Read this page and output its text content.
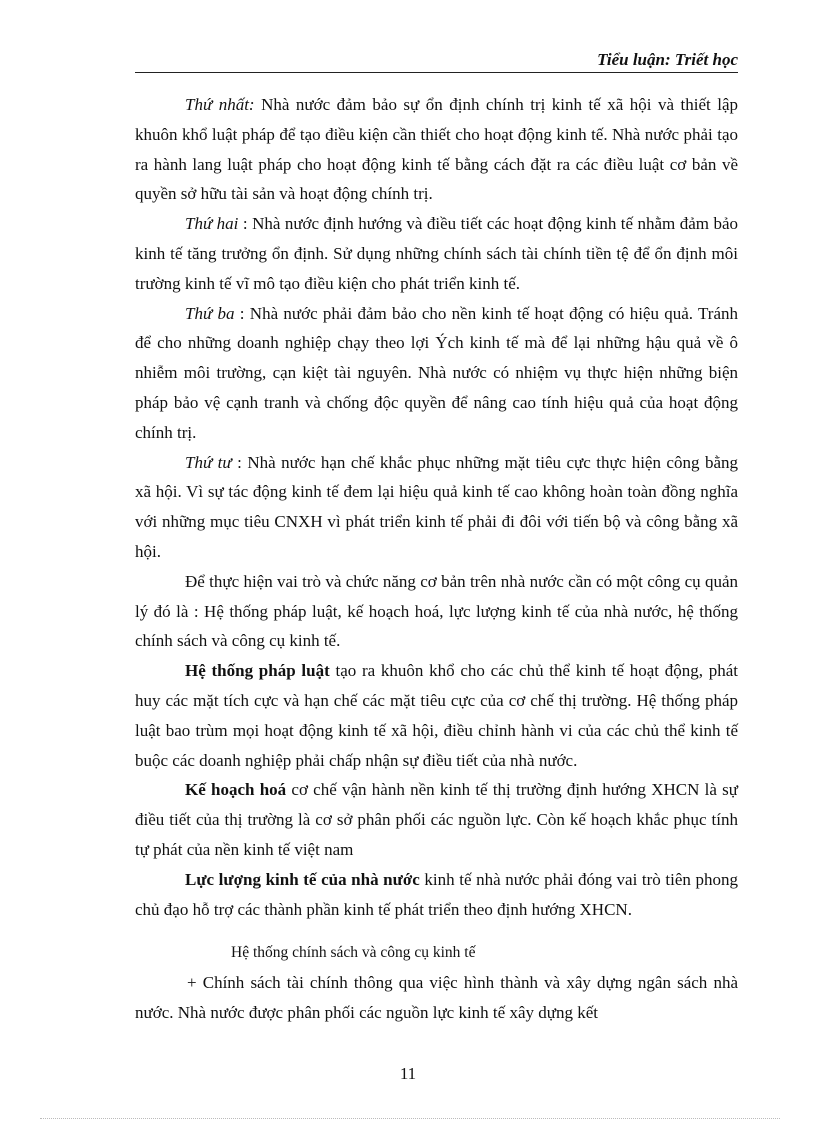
Tiểu luận: Triết học

Thứ nhất: Nhà nước đảm bảo sự ổn định chính trị kinh tế xã hội và thiết lập khuôn khổ luật pháp để tạo điều kiện cần thiết cho hoạt động kinh tế. Nhà nước phải tạo ra hành lang luật pháp cho hoạt động kinh tế bằng cách đặt ra các điều luật cơ bản về quyền sở hữu tài sản và hoạt động chính trị.

Thứ hai : Nhà nước định hướng và điều tiết các hoạt động kinh tế nhằm đảm bảo kinh tế tăng trưởng ổn định. Sử dụng những chính sách tài chính tiền tệ để ổn định môi trường kinh tế vĩ mô tạo điều kiện cho phát triển kinh tế.

Thứ ba : Nhà nước phải đảm bảo cho nền kinh tế hoạt động có hiệu quả. Tránh để cho những doanh nghiệp chạy theo lợi Ých kinh tế mà để lại những hậu quả về ô nhiễm môi trường, cạn kiệt tài nguyên. Nhà nước có nhiệm vụ thực hiện những biện pháp bảo vệ cạnh tranh và chống độc quyền để nâng cao tính hiệu quả của hoạt động chính trị.

Thứ tư : Nhà nước hạn chế khắc phục những mặt tiêu cực thực hiện công bằng xã hội. Vì sự tác động kinh tế đem lại hiệu quả kinh tế cao không hoàn toàn đồng nghĩa với những mục tiêu CNXH vì phát triển kinh tế phải đi đôi với tiến bộ và công bằng xã hội.

Để thực hiện vai trò và chức năng cơ bản trên nhà nước cần có một công cụ quản lý đó là : Hệ thống pháp luật, kế hoạch hoá, lực lượng kinh tế của nhà nước, hệ thống chính sách và công cụ kinh tế.

Hệ thống pháp luật tạo ra khuôn khổ cho các chủ thể kinh tế hoạt động, phát huy các mặt tích cực và hạn chế các mặt tiêu cực của cơ chế thị trường. Hệ thống pháp luật bao trùm mọi hoạt động kinh tế xã hội, điều chỉnh hành vi của các chủ thể kinh tế buộc các doanh nghiệp phải chấp nhận sự điều tiết của nhà nước.

Kế hoạch hoá cơ chế vận hành nền kinh tế thị trường định hướng XHCN là sự điều tiết của thị trường là cơ sở phân phối các nguồn lực. Còn kế hoạch khắc phục tính tự phát của nền kinh tế việt nam

Lực lượng kinh tế của nhà nước kinh tế nhà nước phải đóng vai trò tiên phong chủ đạo hỗ trợ các thành phần kinh tế phát triển theo định hướng XHCN.

Hệ thống chính sách và công cụ kinh tế

+ Chính sách tài chính thông qua việc hình thành và xây dựng ngân sách nhà nước. Nhà nước được phân phối các nguồn lực kinh tế xây dựng kết

11
